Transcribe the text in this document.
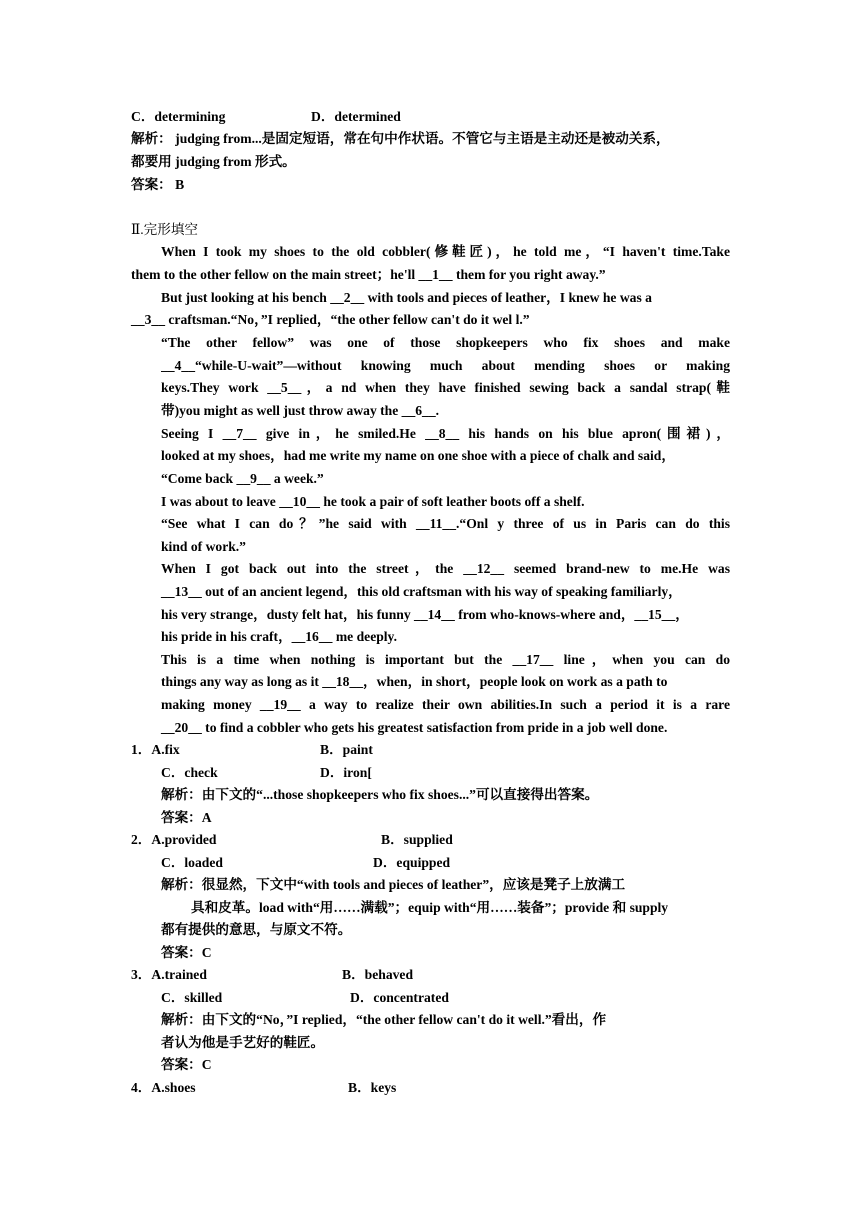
C．determining	D．determined
解析： judging from...是固定短语，常在句中作状语。不管它与主语是主动还是被动关系，
都要用 judging from 形式。
答案： B
Ⅱ.完形填空
When I took my shoes to the old cobbler(修鞋匠)，he told me，“I haven't time.Take
them to the other fellow on the main street；he'll __1__ them for you right away.”
But just looking at his bench __2__ with tools and pieces of leather，I knew he was a
__3__ craftsman.“No，”I replied，“the other fellow can't do it wel l.”
“The other fellow” was one of those shopkeepers who fix shoes and make
__4__“while-U-wait”—without knowing much about mending shoes or making
keys.They work __5__，a nd when they have finished sewing back a sandal strap(鞋
带)you might as well just throw away the __6__.
Seeing I __7__ give in，he smiled.He __8__ his hands on his blue apron(围裙)，
looked at my shoes，had me write my name on one shoe with a piece of chalk and said，
“Come back __9__ a week.”
I was about to leave __10__ he took a pair of soft leather boots off a shelf.
“See what I can do？”he said with __11__.“Onl y three of us in Paris can do this
kind of work.”
When I got back out into the street，the __12__ seemed brand-new to me.He was
__13__ out of an ancient legend，this old craftsman with his way of speaking familiarly，
his very strange，dusty felt hat，his funny __14__ from who-knows-where and，__15__，
his pride in his craft，__16__ me deeply.
This is a time when nothing is important but the __17__ line，when you can do
things any way as long as it __18__，when，in short，people look on work as a path to
making money __19__ a way to realize their own abilities.In such a period it is a rare
__20__ to find a cobbler who gets his greatest satisfaction from pride in a job well done.
1．A.fix	B．paint
C．check	D．iron[
解析：由下文的“...those shopkeepers who fix shoes...”可以直接得出答案。
答案：A
2．A.provided	B．supplied
C．loaded	D．equipped
解析：很显然，下文中“with tools and pieces of leather”，应该是凳子上放满工
具和皮革。load with“用……满载”；equip with“用……装备”；provide 和 supply
都有提供的意思，与原文不符。
答案：C
3．A.trained	B．behaved
C．skilled	D．concentrated
解析：由下文的“No，”I replied，“the other fellow can't do it well.”看出，作
者认为他是手艺好的鞋匠。
答案：C
4．A.shoes	B．keys
